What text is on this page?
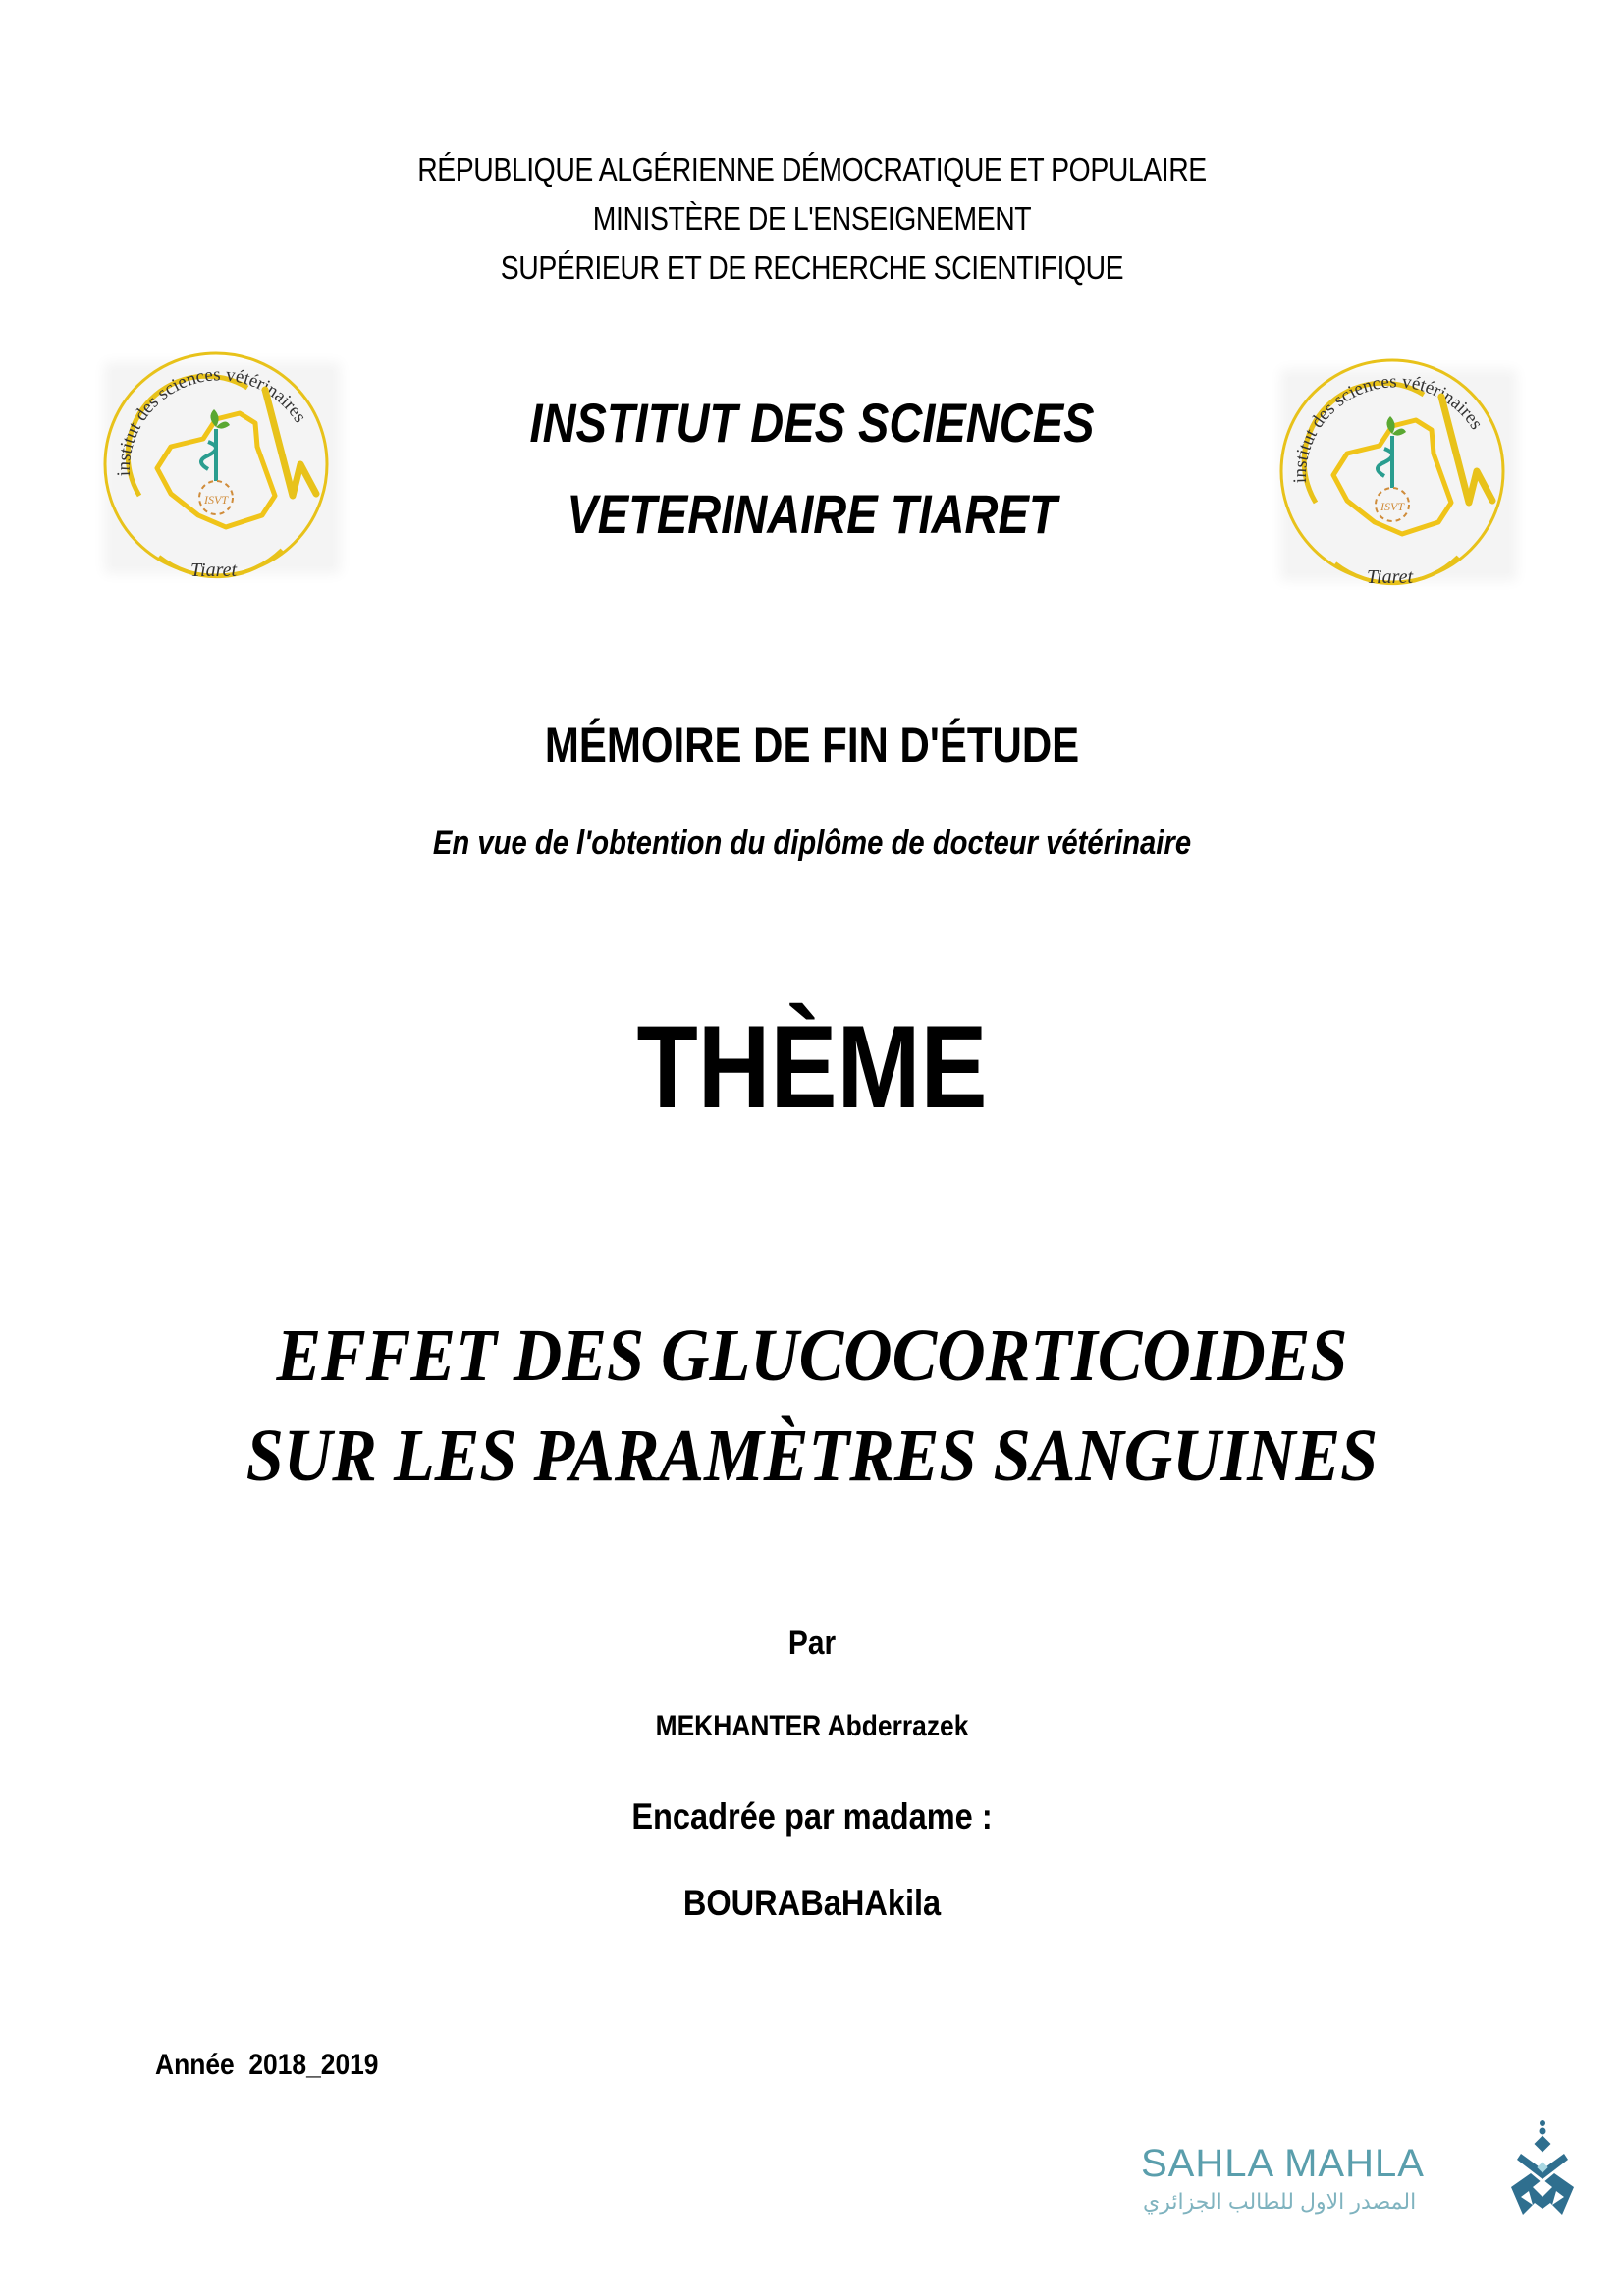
RÉPUBLIQUE ALGÉRIENNE DÉMOCRATIQUE ET POPULAIRE
MINISTÈRE DE L'ENSEIGNEMENT
SUPÉRIEUR ET DE RECHERCHE SCIENTIFIQUE
institut des sciences vétérinaires
ISVT
Tiaret
INSTITUT DES SCIENCES
VETERINAIRE TIARET
institut des sciences vétérinaires
ISVT
Tiaret
MÉMOIRE DE FIN D'ÉTUDE
En vue de l'obtention du diplôme de docteur vétérinaire
THÈME
EFFET DES GLUCOCORTICOIDES
SUR LES PARAMÈTRES SANGUINES
Par
MEKHANTER Abderrazek
Encadrée par madame :
BOURABaHAkila
Année  2018_2019
SAHLA MAHLA
المصدر الاول للطالب الجزائري
